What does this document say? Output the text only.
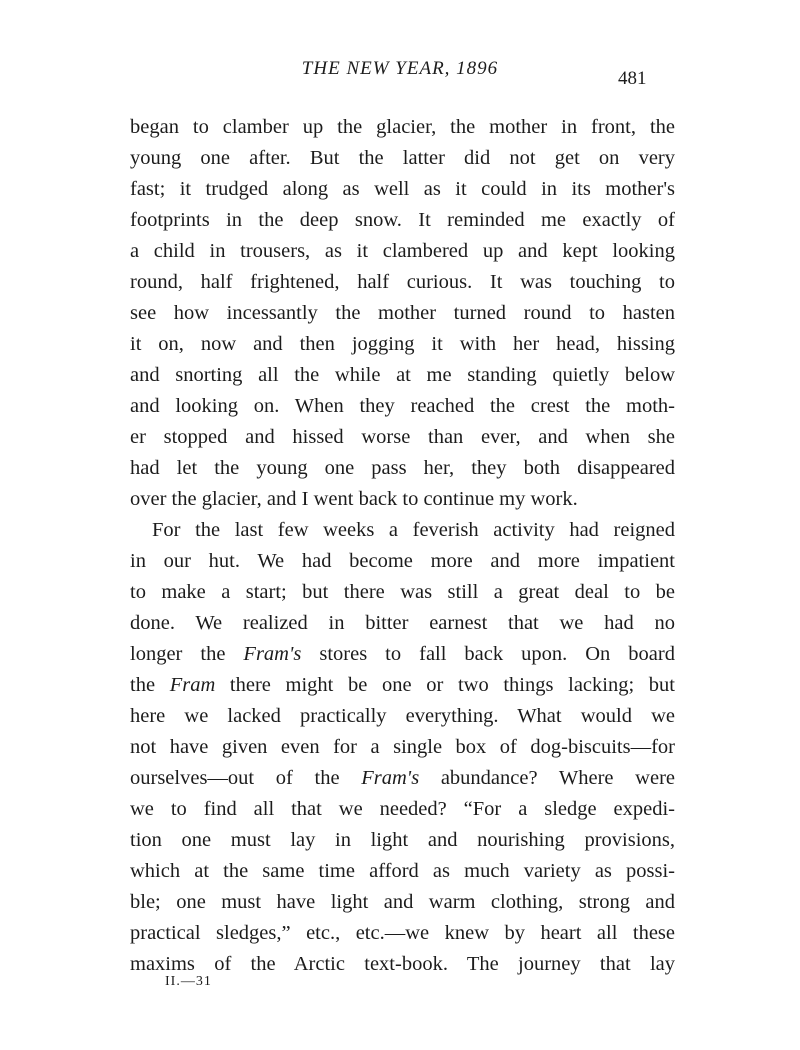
THE NEW YEAR, 1896	481
began to clamber up the glacier, the mother in front, the
young one after. But the latter did not get on very
fast; it trudged along as well as it could in its mother's
footprints in the deep snow. It reminded me exactly of
a child in trousers, as it clambered up and kept looking
round, half frightened, half curious. It was touching to
see how incessantly the mother turned round to hasten
it on, now and then jogging it with her head, hissing
and snorting all the while at me standing quietly below
and looking on. When they reached the crest the moth-
er stopped and hissed worse than ever, and when she
had let the young one pass her, they both disappeared
over the glacier, and I went back to continue my work.
For the last few weeks a feverish activity had reigned
in our hut. We had become more and more impatient
to make a start; but there was still a great deal to be
done. We realized in bitter earnest that we had no
longer the Fram's stores to fall back upon. On board
the Fram there might be one or two things lacking; but
here we lacked practically everything. What would we
not have given even for a single box of dog-biscuits—for
ourselves—out of the Fram's abundance? Where were
we to find all that we needed? “For a sledge expedi-
tion one must lay in light and nourishing provisions,
which at the same time afford as much variety as possi-
ble; one must have light and warm clothing, strong and
practical sledges,” etc., etc.—we knew by heart all these
maxims of the Arctic text-book. The journey that lay
II.—31
